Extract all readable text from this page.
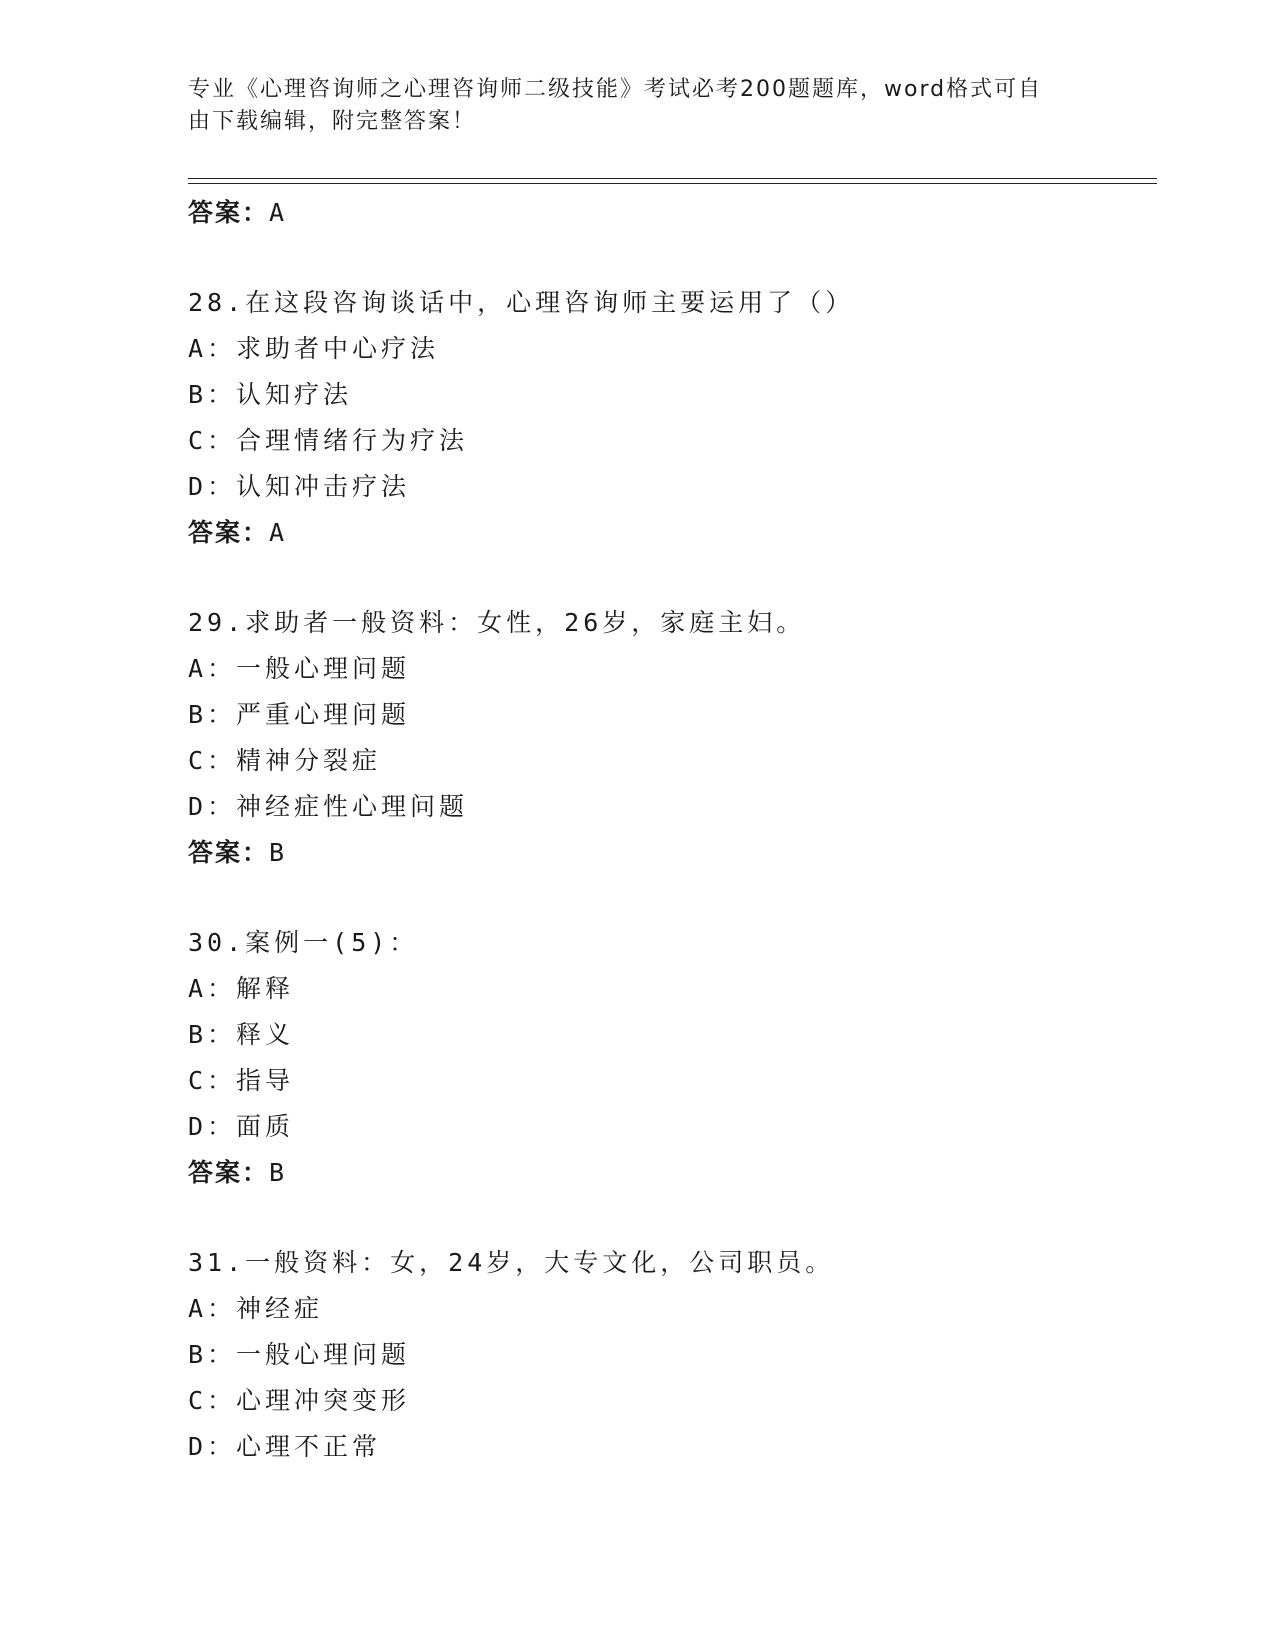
专业《心理咨询师之心理咨询师二级技能》考试必考200题题库，word格式可自
由下载编辑，附完整答案！
答案：A
28.在这段咨询谈话中，心理咨询师主要运用了（）
A：求助者中心疗法
B：认知疗法
C：合理情绪行为疗法
D：认知冲击疗法
答案：A
29.求助者一般资料：女性，26岁，家庭主妇。
A：一般心理问题
B：严重心理问题
C：精神分裂症
D：神经症性心理问题
答案：B
30.案例一(5)：
A：解释
B：释义
C：指导
D：面质
答案：B
31.一般资料：女，24岁，大专文化，公司职员。
A：神经症
B：一般心理问题
C：心理冲突变形
D：心理不正常
